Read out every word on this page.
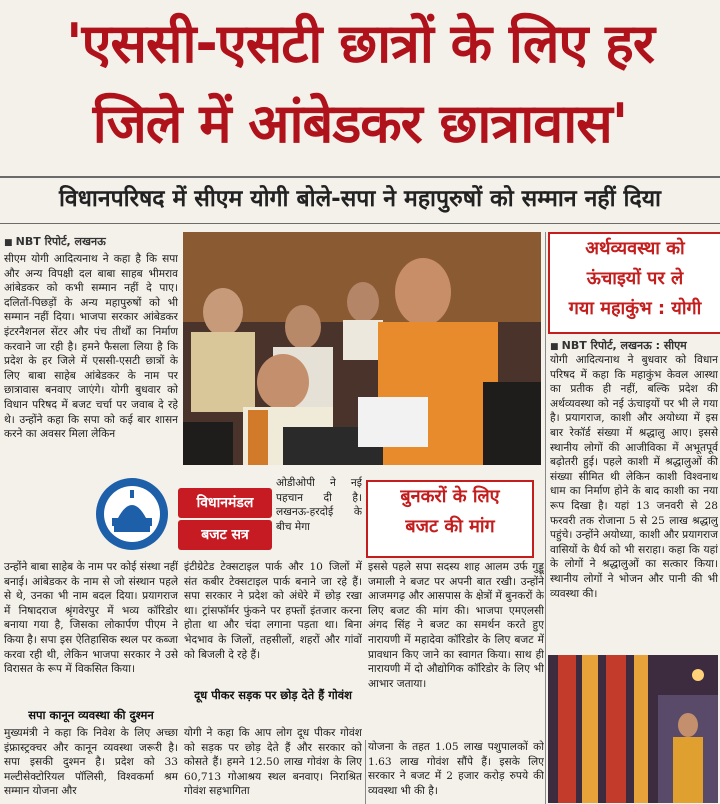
'एससी-एसटी छात्रों के लिए हर
जिले में आंबेडकर छात्रावास'
विधानपरिषद में सीएम योगी बोले-सपा ने महापुरुषों को सम्मान नहीं दिया
■ NBT रिपोर्ट, लखनऊ

सीएम योगी आदित्यनाथ ने कहा है कि सपा और अन्य विपक्षी दल बाबा साहब भीमराव आंबेडकर को कभी सम्मान नहीं दे पाए। दलितों-पिछड़ों के अन्य महापुरुषों को भी सम्मान नहीं दिया। भाजपा सरकार आंबेडकर इंटरनैशनल सेंटर और पंच तीर्थों का निर्माण करवाने जा रही है। हमने फैसला लिया है कि प्रदेश के हर जिले में एससी-एसटी छात्रों के लिए बाबा साहेब आंबेडकर के नाम पर छात्रावास बनवाए जाएंगे। योगी बुधवार को विधान परिषद में बजट चर्चा पर जवाब दे रहे थे। उन्होंने कहा कि सपा को कई बार शासन करने का अवसर मिला लेकिन

विधानमंडल
बजट सत्र

ओडीओपी ने नई पहचान दी है। लखनऊ-हरदोई के बीच मेगा

बुनकरों के लिए
बजट की मांग

उन्होंने बाबा साहेब के नाम पर कोई संस्था नहीं बनाई। आंबेडकर के नाम से जो संस्थान पहले से थे, उनका भी नाम बदल दिया। प्रयागराज में निषादराज श्रृंगवेरपुर में भव्य कॉरिडोर बनाया गया है, जिसका लोकार्पण पीएम ने किया है। सपा इस ऐतिहासिक स्थल पर कब्जा करवा रही थी, लेकिन भाजपा सरकार ने उसे विरासत के रूप में विकसित किया।

सपा कानून व्यवस्था की दुश्मन

मुख्यमंत्री ने कहा कि निवेश के लिए अच्छा इंफ्रास्ट्रक्चर और कानून व्यवस्था जरूरी है। सपा इसकी दुश्मन है। प्रदेश को 33 मल्टीसेक्टोरियल पॉलिसी, विश्वकर्मा श्रम सम्मान योजना और

इंटीग्रेटेड टेक्सटाइल पार्क और 10 जिलों में संत कबीर टेक्सटाइल पार्क बनाने जा रहे हैं। सपा सरकार ने प्रदेश को अंधेरे में छोड़ रखा था। ट्रांसफॉर्मर फुंकने पर हफ्तों इंतजार करना होता था और चंदा लगाना पड़ता था। बिना भेदभाव के जिलों, तहसीलों, शहरों और गांवों को बिजली दे रहे हैं।

दूध पीकर सड़क पर छोड़ देते हैं गोवंश

योगी ने कहा कि आप लोग दूध पीकर गोवंश को सड़क पर छोड़ देते हैं और सरकार को कोसते हैं। हमने 12.50 लाख गोवंश के लिए 60,713 गोआश्रय स्थल बनवाए। निराश्रित गोवंश सहभागिता

इससे पहले सपा सदस्य शाह आलम उर्फ गुड्डू जमाली ने बजट पर अपनी बात रखी। उन्होंने आजमगढ़ और आसपास के क्षेत्रों में बुनकरों के लिए बजट की मांग की। भाजपा एमएलसी अंगद सिंह ने बजट का समर्थन करते हुए नारायणी में महादेवा कॉरिडोर के लिए बजट में प्रावधान किए जाने का स्वागत किया। साथ ही नारायणी में दो औद्योगिक कॉरिडोर के लिए भी आभार जताया।

योजना के तहत 1.05 लाख पशुपालकों को 1.63 लाख गोवंश सौंपे हैं। इसके लिए सरकार ने बजट में 2 हजार करोड़ रुपये की व्यवस्था भी की है।

अर्थव्यवस्था को
ऊंचाइयों पर ले
गया महाकुंभ : योगी
■ NBT रिपोर्ट, लखनऊ : सीएम

योगी आदित्यनाथ ने बुधवार को विधान परिषद में कहा कि महाकुंभ केवल आस्था का प्रतीक ही नहीं, बल्कि प्रदेश की अर्थव्यवस्था को नई ऊंचाइयों पर भी ले गया है। प्रयागराज, काशी और अयोध्या में इस बार रेकॉर्ड संख्या में श्रद्धालु आए। इससे स्थानीय लोगों की आजीविका में अभूतपूर्व बढ़ोतरी हुई। पहले काशी में श्रद्धालुओं की संख्या सीमित थी लेकिन काशी विश्वनाथ धाम का निर्माण होने के बाद काशी का नया रूप दिखा है। यहां 13 जनवरी से 28 फरवरी तक रोजाना 5 से 25 लाख श्रद्धालु पहुंचे। उन्होंने अयोध्या, काशी और प्रयागराज वासियों के धैर्य को भी सराहा। कहा कि यहां के लोगों ने श्रद्धालुओं का सत्कार किया। स्थानीय लोगों ने भोजन और पानी की भी व्यवस्था की।
